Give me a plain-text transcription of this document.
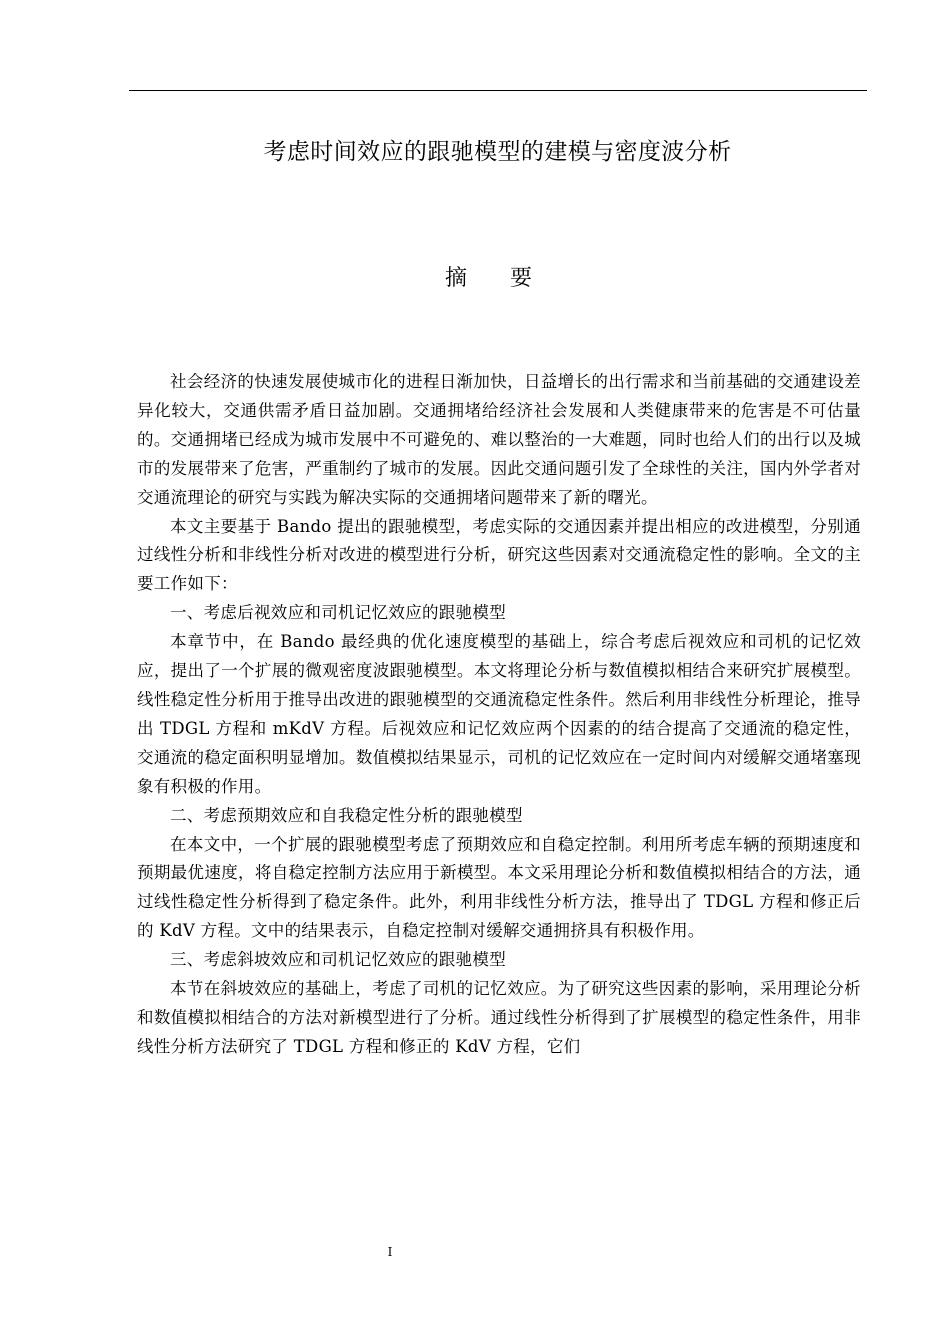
考虑时间效应的跟驰模型的建模与密度波分析
摘 要

社会经济的快速发展使城市化的进程日渐加快，日益增长的出行需求和当前基础的交通建设差异化较大，交通供需矛盾日益加剧。交通拥堵给经济社会发展和人类健康带来的危害是不可估量的。交通拥堵已经成为城市发展中不可避免的、难以整治的一大难题，同时也给人们的出行以及城市的发展带来了危害，严重制约了城市的发展。因此交通问题引发了全球性的关注，国内外学者对交通流理论的研究与实践为解决实际的交通拥堵问题带来了新的曙光。

本文主要基于 Bando 提出的跟驰模型，考虑实际的交通因素并提出相应的改进模型，分别通过线性分析和非线性分析对改进的模型进行分析，研究这些因素对交通流稳定性的影响。全文的主要工作如下：

一、考虑后视效应和司机记忆效应的跟驰模型

本章节中，在 Bando 最经典的优化速度模型的基础上，综合考虑后视效应和司机的记忆效应，提出了一个扩展的微观密度波跟驰模型。本文将理论分析与数值模拟相结合来研究扩展模型。线性稳定性分析用于推导出改进的跟驰模型的交通流稳定性条件。然后利用非线性分析理论，推导出 TDGL 方程和 mKdV 方程。后视效应和记忆效应两个因素的的结合提高了交通流的稳定性，交通流的稳定面积明显增加。数值模拟结果显示，司机的记忆效应在一定时间内对缓解交通堵塞现象有积极的作用。

二、考虑预期效应和自我稳定性分析的跟驰模型

在本文中，一个扩展的跟驰模型考虑了预期效应和自稳定控制。利用所考虑车辆的预期速度和预期最优速度，将自稳定控制方法应用于新模型。本文采用理论分析和数值模拟相结合的方法，通过线性稳定性分析得到了稳定条件。此外，利用非线性分析方法，推导出了 TDGL 方程和修正后的 KdV 方程。文中的结果表示，自稳定控制对缓解交通拥挤具有积极作用。

三、考虑斜坡效应和司机记忆效应的跟驰模型

本节在斜坡效应的基础上，考虑了司机的记忆效应。为了研究这些因素的影响，采用理论分析和数值模拟相结合的方法对新模型进行了分析。通过线性分析得到了扩展模型的稳定性条件，用非线性分析方法研究了 TDGL 方程和修正的 KdV 方程，它们

I
